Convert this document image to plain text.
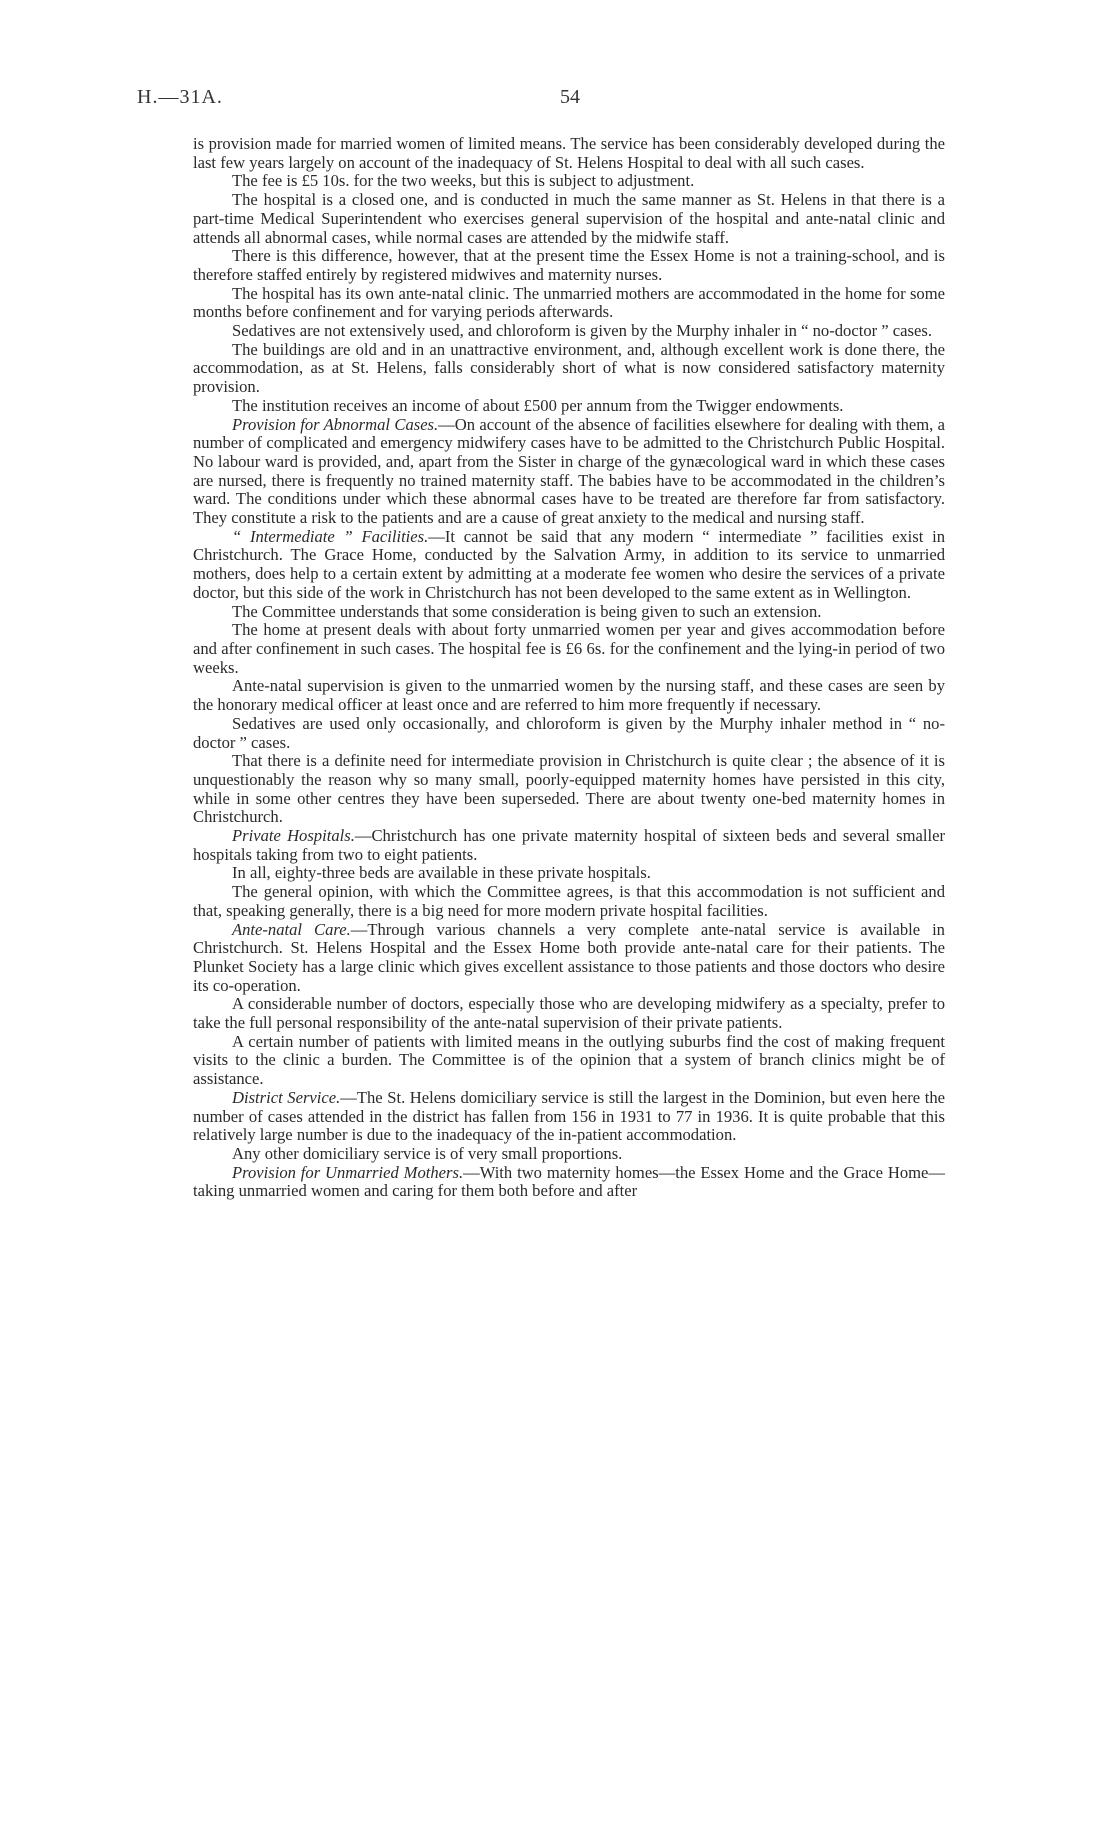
H.—31A.	54

is provision made for married women of limited means. The service has been considerably developed during the last few years largely on account of the inadequacy of St. Helens Hospital to deal with all such cases.

The fee is £5 10s. for the two weeks, but this is subject to adjustment.

The hospital is a closed one, and is conducted in much the same manner as St. Helens in that there is a part-time Medical Superintendent who exercises general supervision of the hospital and ante-natal clinic and attends all abnormal cases, while normal cases are attended by the midwife staff.

There is this difference, however, that at the present time the Essex Home is not a training-school, and is therefore staffed entirely by registered midwives and maternity nurses.

The hospital has its own ante-natal clinic. The unmarried mothers are accommodated in the home for some months before confinement and for varying periods afterwards.

Sedatives are not extensively used, and chloroform is given by the Murphy inhaler in “ no-doctor ” cases.

The buildings are old and in an unattractive environment, and, although excellent work is done there, the accommodation, as at St. Helens, falls considerably short of what is now considered satisfactory maternity provision.

The institution receives an income of about £500 per annum from the Twigger endowments.

Provision for Abnormal Cases.—On account of the absence of facilities elsewhere for dealing with them, a number of complicated and emergency midwifery cases have to be admitted to the Christchurch Public Hospital. No labour ward is provided, and, apart from the Sister in charge of the gynæcological ward in which these cases are nursed, there is frequently no trained maternity staff. The babies have to be accommodated in the children’s ward. The conditions under which these abnormal cases have to be treated are therefore far from satisfactory. They constitute a risk to the patients and are a cause of great anxiety to the medical and nursing staff.

“ Intermediate ” Facilities.—It cannot be said that any modern “ intermediate ” facilities exist in Christchurch. The Grace Home, conducted by the Salvation Army, in addition to its service to unmarried mothers, does help to a certain extent by admitting at a moderate fee women who desire the services of a private doctor, but this side of the work in Christchurch has not been developed to the same extent as in Wellington.

The Committee understands that some consideration is being given to such an extension.

The home at present deals with about forty unmarried women per year and gives accommodation before and after confinement in such cases. The hospital fee is £6 6s. for the confinement and the lying-in period of two weeks.

Ante-natal supervision is given to the unmarried women by the nursing staff, and these cases are seen by the honorary medical officer at least once and are referred to him more frequently if necessary.

Sedatives are used only occasionally, and chloroform is given by the Murphy inhaler method in “ no-doctor ” cases.

That there is a definite need for intermediate provision in Christchurch is quite clear ; the absence of it is unquestionably the reason why so many small, poorly-equipped maternity homes have persisted in this city, while in some other centres they have been superseded. There are about twenty one-bed maternity homes in Christchurch.

Private Hospitals.—Christchurch has one private maternity hospital of sixteen beds and several smaller hospitals taking from two to eight patients.

In all, eighty-three beds are available in these private hospitals.

The general opinion, with which the Committee agrees, is that this accommodation is not sufficient and that, speaking generally, there is a big need for more modern private hospital facilities.

Ante-natal Care.—Through various channels a very complete ante-natal service is available in Christchurch. St. Helens Hospital and the Essex Home both provide ante-natal care for their patients. The Plunket Society has a large clinic which gives excellent assistance to those patients and those doctors who desire its co-operation.

A considerable number of doctors, especially those who are developing midwifery as a specialty, prefer to take the full personal responsibility of the ante-natal supervision of their private patients.

A certain number of patients with limited means in the outlying suburbs find the cost of making frequent visits to the clinic a burden. The Committee is of the opinion that a system of branch clinics might be of assistance.

District Service.—The St. Helens domiciliary service is still the largest in the Dominion, but even here the number of cases attended in the district has fallen from 156 in 1931 to 77 in 1936. It is quite probable that this relatively large number is due to the inadequacy of the in-patient accommodation.

Any other domiciliary service is of very small proportions.

Provision for Unmarried Mothers.—With two maternity homes—the Essex Home and the Grace Home—taking unmarried women and caring for them both before and after
